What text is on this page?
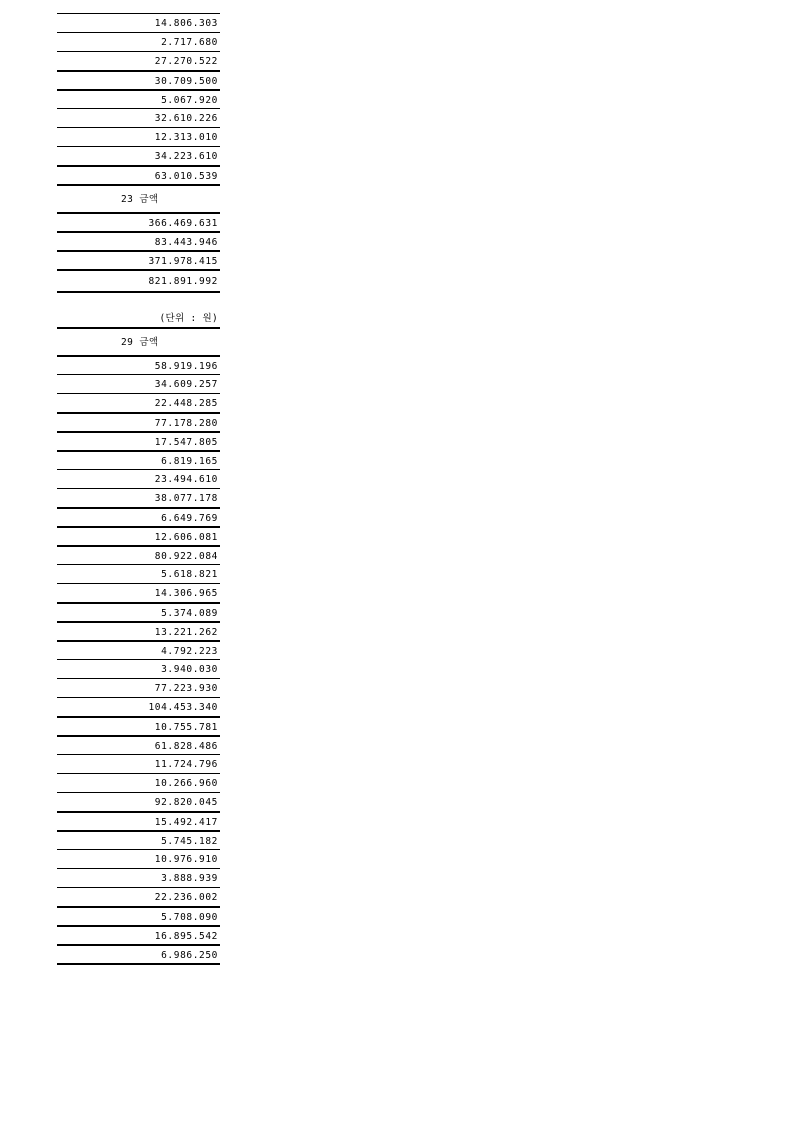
14.806.303
2.717.680
27.270.522
30.709.500
5.067.920
32.610.226
12.313.010
34.223.610
63.010.539
23 금액
366.469.631
83.443.946
371.978.415
821.891.992
(단위 : 원)
29 금액
58.919.196
34.609.257
22.448.285
77.178.280
17.547.805
6.819.165
23.494.610
38.077.178
6.649.769
12.606.081
80.922.084
5.618.821
14.306.965
5.374.089
13.221.262
4.792.223
3.940.030
77.223.930
104.453.340
10.755.781
61.828.486
11.724.796
10.266.960
92.820.045
15.492.417
5.745.182
10.976.910
3.888.939
22.236.002
5.708.090
16.895.542
6.986.250
